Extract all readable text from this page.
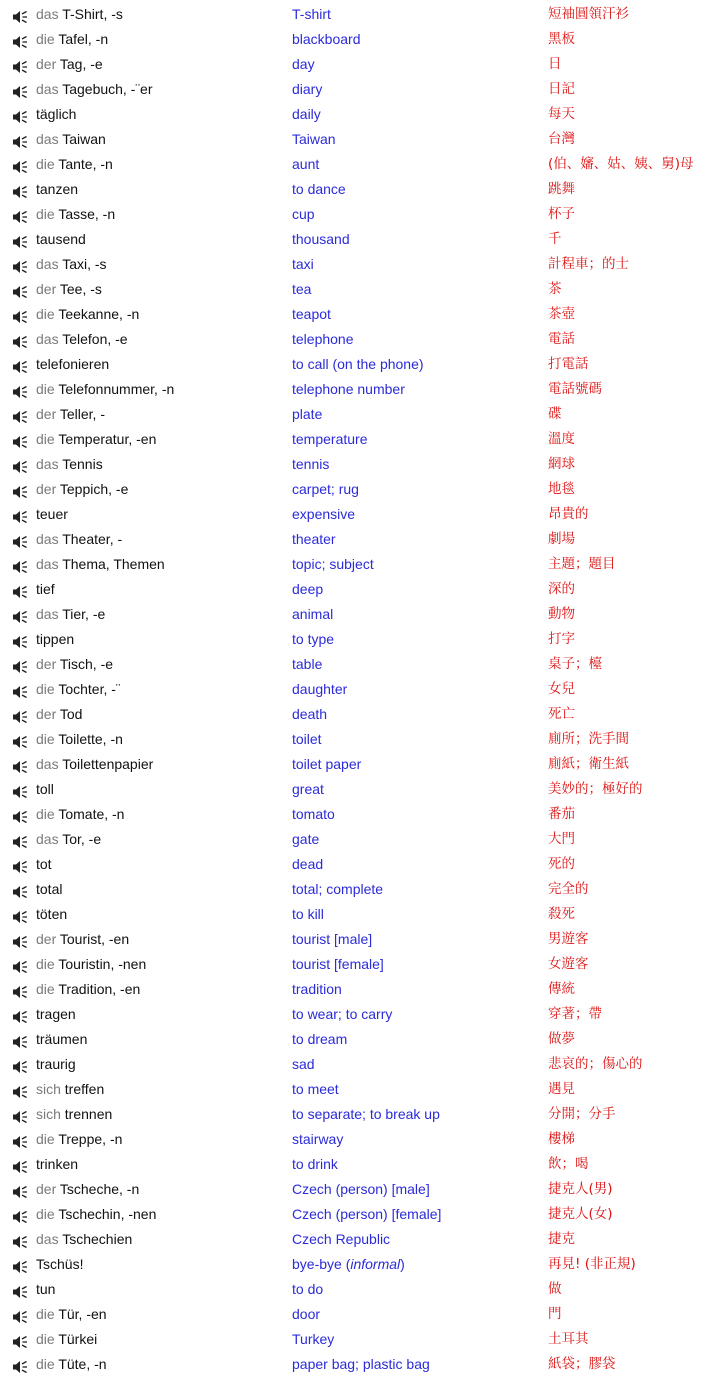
das T-Shirt, -s	T-shirt	短袖圓領汗衫
die Tafel, -n	blackboard	黑板
der Tag, -e	day	日
das Tagebuch, -¨er	diary	日記
täglich	daily	每天
das Taiwan	Taiwan	台灣
die Tante, -n	aunt	(伯、嬸、姑、姨、舅)母
tanzen	to dance	跳舞
die Tasse, -n	cup	杯子
tausend	thousand	千
das Taxi, -s	taxi	計程車；的士
der Tee, -s	tea	茶
die Teekanne, -n	teapot	茶壺
das Telefon, -e	telephone	電話
telefonieren	to call (on the phone)	打電話
die Telefonnummer, -n	telephone number	電話號碼
der Teller, -	plate	碟
die Temperatur, -en	temperature	溫度
das Tennis	tennis	網球
der Teppich, -e	carpet; rug	地毯
teuer	expensive	昂貴的
das Theater, -	theater	劇場
das Thema, Themen	topic; subject	主題；題目
tief	deep	深的
das Tier, -e	animal	動物
tippen	to type	打字
der Tisch, -e	table	桌子；檯
die Tochter, -¨	daughter	女兒
der Tod	death	死亡
die Toilette, -n	toilet	廁所；洗手間
das Toilettenpapier	toilet paper	廁紙；衛生紙
toll	great	美妙的；極好的
die Tomate, -n	tomato	番茄
das Tor, -e	gate	大門
tot	dead	死的
total	total; complete	完全的
töten	to kill	殺死
der Tourist, -en	tourist [male]	男遊客
die Touristin, -nen	tourist [female]	女遊客
die Tradition, -en	tradition	傳統
tragen	to wear; to carry	穿著；帶
träumen	to dream	做夢
traurig	sad	悲哀的；傷心的
sich treffen	to meet	遇見
sich trennen	to separate; to break up	分開；分手
die Treppe, -n	stairway	樓梯
trinken	to drink	飲；喝
der Tscheche, -n	Czech (person) [male]	捷克人(男)
die Tschechin, -nen	Czech (person) [female]	捷克人(女)
das Tschechien	Czech Republic	捷克
Tschüs!	bye-bye (informal)	再見! (非正規)
tun	to do	做
die Tür, -en	door	門
die Türkei	Turkey	土耳其
die Tüte, -n	paper bag; plastic bag	紙袋；膠袋
